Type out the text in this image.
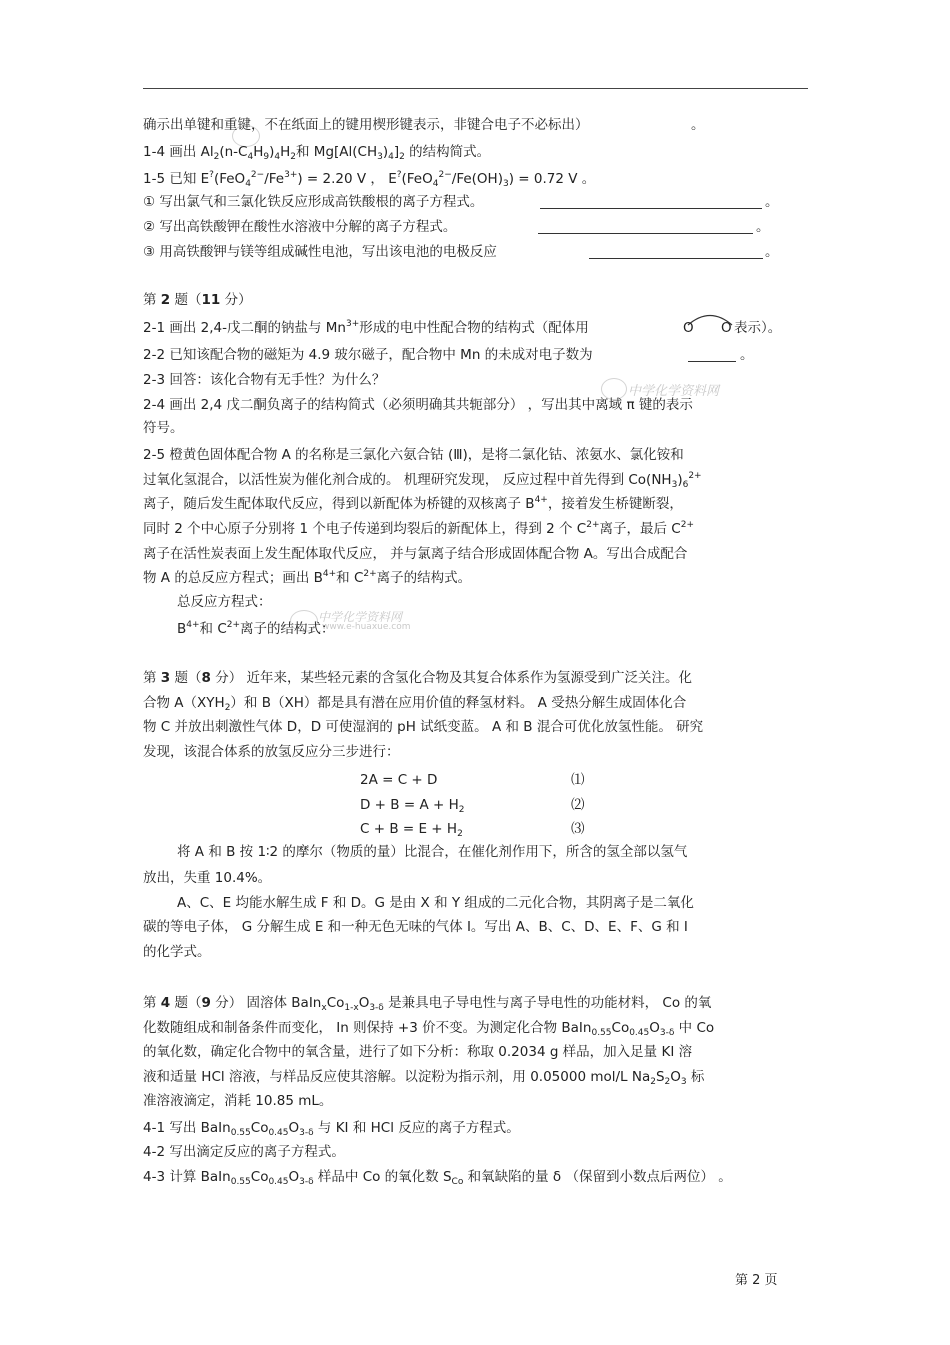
中学化学资料网
中学化学资料网
www.e-huaxue.com
确示出单键和重键，不在纸面上的键用楔形键表示，非键合电子不必标出）	。
1-4 画出 $Al_2(n-C_4H_9)_4H_2$和 $Mg[Al(CH_3)_4]_2$ 的结构简式。
1-5 已知 $E^?(FeO_4^{2-}/Fe^{3+}) = 2.20$ V ， $E^?(FeO_4^{2-}/Fe(OH)_3) = 0.72$ V 。
① 写出氯气和三氯化铁反应形成高铁酸根的离子方程式。	。
② 写出高铁酸钾在酸性水溶液中分解的离子方程式。	。
③ 用高铁酸钾与镁等组成碱性电池，写出该电池的电极反应	。
第 2 题（11 分）
2-1 画出 2,4-戊二酮的钠盐与 $Mn^{3+}$形成的电中性配合物的结构式（配体用	O O 表示）。
2-2 已知该配合物的磁矩为 4.9 玻尔磁子，配合物中 Mn 的未成对电子数为	。
2-3 回答：该化合物有无手性？为什么？
2-4 画出 2,4 戊二酮负离子的结构简式（必须明确其共轭部分） ，写出其中离域 π 键的表示
符号。
2-5 橙黄色固体配合物 A 的名称是三氯化六氨合钴 (Ⅲ)，是将二氯化钴、浓氨水、氯化铵和
过氧化氢混合，以活性炭为催化剂合成的。 机理研究发现， 反应过程中首先得到 $Co(NH_3)_6^{2+}$
离子，随后发生配体取代反应，得到以新配体为桥键的双核离子 $B^{4+}$，接着发生桥键断裂，
同时 2 个中心原子分别将 1 个电子传递到均裂后的新配体上，得到 2 个 $C^{2+}$离子，最后 $C^{2+}$
离子在活性炭表面上发生配体取代反应， 并与氯离子结合形成固体配合物 A。写出合成配合
物 A 的总反应方程式；画出 $B^{4+}$和 $C^{2+}$离子的结构式。
总反应方程式：
$B^{4+}$和 $C^{2+}$离子的结构式：
第 3 题（8 分） 近年来，某些轻元素的含氢化合物及其复合体系作为氢源受到广泛关注。化
合物 $A(XYH_2)$和 B（XH）都是具有潜在应用价值的释氢材料。 A 受热分解生成固体化合
物 C 并放出刺激性气体 D，D 可使湿润的 pH 试纸变蓝。 A 和 B 混合可优化放氢性能。 研究
发现，该混合体系的放氢反应分三步进行：
2A = C + D	⑴
$D + B = A + H_2$	⑵
$C + B = E + H_2$	⑶
将 A 和 B 按 1∶2 的摩尔（物质的量）比混合，在催化剂作用下，所含的氢全部以氢气
放出，失重 10.4%。
A、C、E 均能水解生成 F 和 D。G 是由 X 和 Y 组成的二元化合物，其阴离子是二氧化
碳的等电子体， G 分解生成 E 和一种无色无味的气体 I。写出 A、B、C、D、E、F、G 和 I
的化学式。
第 4 题（9 分） 固溶体 $BaIn_xCo_{1-x}O_{3-\delta}$ 是兼具电子导电性与离子导电性的功能材料， Co 的氧
化数随组成和制备条件而变化， In 则保持 +3 价不变。为测定化合物 $BaIn_{0.55}Co_{0.45}O_{3-\delta}$ 中 Co
的氧化数，确定化合物中的氧含量，进行了如下分析：称取 0.2034 g 样品，加入足量 KI 溶
液和适量 HCl 溶液，与样品反应使其溶解。以淀粉为指示剂，用 0.05000 mol/L $Na_2S_2O_3$ 标
准溶液滴定，消耗 10.85 mL。
4-1 写出 $BaIn_{0.55}Co_{0.45}O_{3-\delta}$ 与 KI 和 HCl 反应的离子方程式。
4-2 写出滴定反应的离子方程式。
4-3 计算 $BaIn_{0.55}Co_{0.45}O_{3-\delta}$ 样品中 Co 的氧化数 $S_{Co}$ 和氧缺陷的量 δ （保留到小数点后两位） 。
第 2 页
